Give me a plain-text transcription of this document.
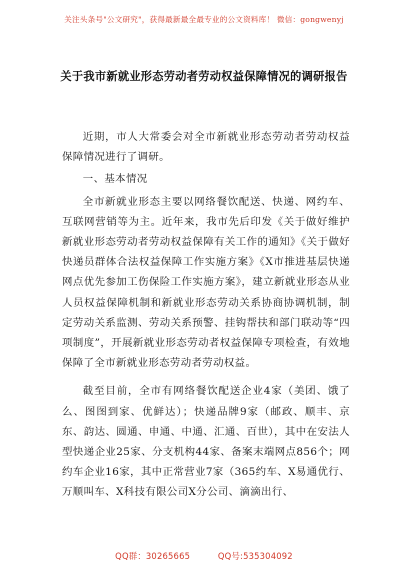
关注头条号"公文研究"，获得最新最全最专业的公文资料库！ 微信：gongwenyj
关于我市新就业形态劳动者劳动权益保障情况的调研报告

近期，市人大常委会对全市新就业形态劳动者劳动权益保障情况进行了调研。

一、基本情况

全市新就业形态主要以网络餐饮配送、快递、网约车、互联网营销等为主。近年来，我市先后印发《关于做好维护新就业形态劳动者劳动权益保障有关工作的通知》《关于做好快递员群体合法权益保障工作实施方案》《X市推进基层快递网点优先参加工伤保险工作实施方案》，建立新就业形态从业人员权益保障机制和新就业形态劳动关系协商协调机制，制定劳动关系监测、劳动关系预警、挂钩帮扶和部门联动等“四项制度”，开展新就业形态劳动者权益保障专项检查，有效地保障了全市新就业形态劳动者劳动权益。

截至目前，全市有网络餐饮配送企业4家（美团、饿了么、图图到家、优鲜达）；快递品牌9家（邮政、顺丰、京东、韵达、圆通、申通、中通、汇通、百世），其中在安法人型快递企业25家、分支机构44家、备案末端网点856个；网约车企业16家，其中正常营业7家（365约车、X易通优行、万顺叫车、X科技有限公司X分公司、滴滴出行、

QQ群：30265665	QQ号:535304092
